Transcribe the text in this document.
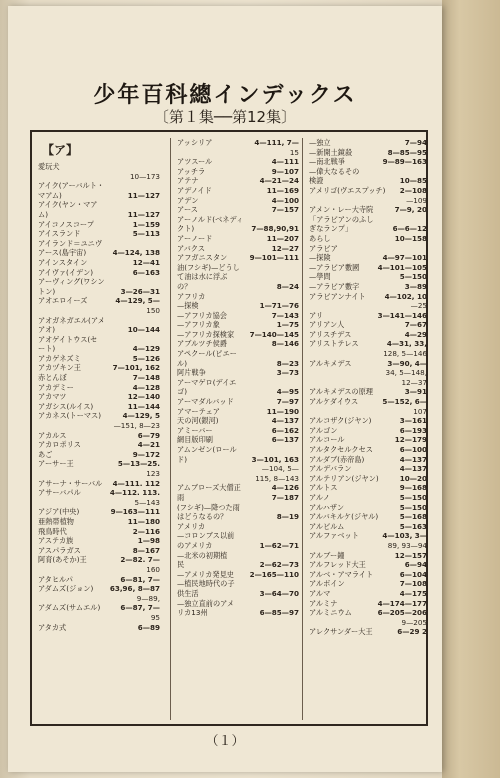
少年百科總インデックス
〔第１集──第12集〕
【ア】
愛玩犬
10—173
アイク(アーバルト・
マアム)	11—127
アイク(ヤン・マア
ム)	11—127
アイコノスコープ	1—159
アイスランド	5—113
アイランド＝ユニヴ
アース(島宇宙)	4—124, 138
アインスタイン	12—41
アイヴァ(イデン)	6—163
アーヴィング(ワシン
トン)	3—26—31
アオエロイーズ	4—129, 5—
150
アオガネガエル(アメ
アオ)	10—144
アオゲイトウス(セ
ート)	4—129
アカゲネズミ	5—126
アカヅキン王	7—101, 162
赤とんぼ	7—148
アカデミー	4—128
アカマツ	12—140
アガシス(ルイス)	11—144
アカネス(トーマス)	4—129, 5
—151, 8—23
アカルス	6—79
アカロポリス	4—21
あご	9—172
アーサー王	5—13—25.
123
アサーナ・サーバル 4—111. 112
アサーバパル	4—112. 113.
5—143
アジア(中央)	9—163—111
亜熱帯植物	11—180
飛鳥時代	2—116
アステカ族	1—98
アスパラガス	8—167
阿育(あそか)王	2—82. 7—
160
アタヒルパ	6—81, 7—
アダムズ(ジョン) 63,96, 8—87
9—89,
アダムズ(サムエル)	6—87, 7—
95
アタカ式	6—89
アッシリア	4—111, 7—
15
アツスール	4—111
アッチラ	9—107
アテナ	4—21—24
アデノイド	11—169
アデン	4—100
アース	7—157
アーノルド(ベネディ
クト)	7—88,90,91
アーノード	11—207
アバクス	12—27
アフガニスタン	9—101—111
油(フシギ)—どうし
て油は水に浮ぶ
の？	8—24
アフリカ
—探検	1—71—76
—アフリカ協会	7—143
—アフリカ象	1—75
—アフリカ探検家 7—140—145
アブルツチ侯爵	8—146
アペクール(ピエー
ル)	8—23
阿片戦争	3—73
アーマゲロ(デイエ
ゴ)	4—95
アーマダルバッド	7—97
アマーテェア	11—190
天の河(銀河)	4—137
アミーバー	6—162
網目版印刷	6—137
アムンゼン(ロール
ド)	3—101, 163
—104, 5—
115, 8—143
アムブローズ大僧正	4—126
雨	7—187
(フシギ)—降つた雨
はどうなるの？	8—19
アメリカ
—コロンブス以前
のアメリカ	1—62—71
—北米の初期植
民	2—62—73
—アメリカ発見史 2—165—110
—植民地時代の子
供生活	3—64—70
—独立直前のアメ
リカ13州	6—85—97
—独立	7—94
—新開土鏡殺	8—85—95
—南北戦爭	9—89—163
—偉大なるその
検證	10—85
アメリゴ(ヴエスプッチ) 2—108
—109
アメン・レー大寺院	7—9, 20
「アラビアンのふし
ぎなランプ」	6—6—12
あらし	10—158
アラビア
—探険	4—97—101
—アラビア數國	4—101—105
—學問	5—150
—アラビア數字	3—89
アラビアンナイト	4—102, 10
—25
アリ	3—141—146
アリアン人	7—67
アリスチデス	4—29
アリストテレス	4—31, 33,
128, 5—146
アルキメデス	3—90, 4—
34, 5—148,
12—37
アルキメデスの原理	3—91
アルケダイウス	5—152, 6—
107
アルコザク(ジヤン)	3—161
アルゴン	6—193
アルコール	12—179
アルタクセルクセス	6—100
アルダブ(赤帝島)	4—137
アルデバラン	4—137
アルテリアン(ジヤン)	10—20
アルトス	9—168
アルノ	5—150
アルハザン	5—150
アルバキルケ(ジヤル)	5—168
アルビルム	5—163
アルファベット	4—103, 3—
89, 93—94
アルブー鐘	12—157
アルフレッド大王	6—94
アルベ・アマライト	6—104
アルボイン	7—108
アルマ	4—175
アルミナ	4—174—177
アルミニウム	6—205—206
9—205
アレクサンダー大王	6—29 2
（１）
